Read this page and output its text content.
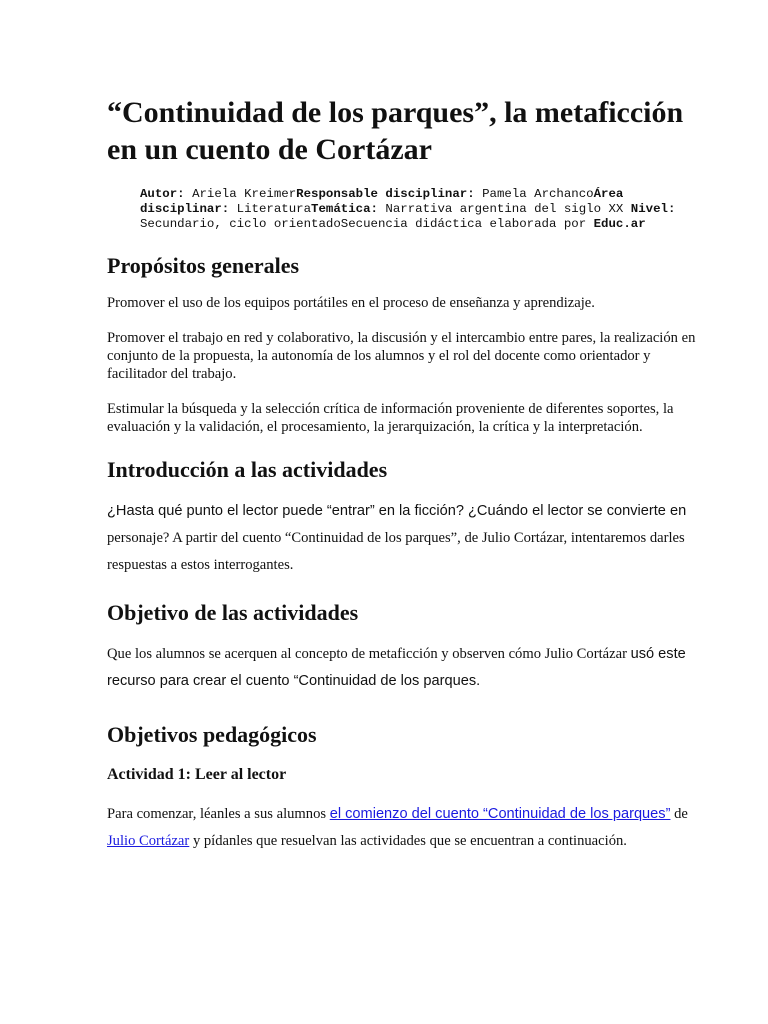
“Continuidad de los parques”, la metaficción en un cuento de Cortázar
Autor: Ariela KreimerResponsable disciplinar: Pamela ArchancoÁrea disciplinar: LiteraturaTemática: Narrativa argentina del siglo XX Nivel: Secundario, ciclo orientadoSecuencia didáctica elaborada por Educ.ar
Propósitos generales

Promover el uso de los equipos portátiles en el proceso de enseñanza y aprendizaje.

Promover el trabajo en red y colaborativo, la discusión y el intercambio entre pares, la realización en conjunto de la propuesta, la autonomía de los alumnos y el rol del docente como orientador y facilitador del trabajo.

Estimular la búsqueda y la selección crítica de información proveniente de diferentes soportes, la evaluación y la validación, el procesamiento, la jerarquización, la crítica y la interpretación.

Introducción a las actividades

¿Hasta qué punto el lector puede “entrar” en la ficción? ¿Cuándo el lector se convierte en personaje? A partir del cuento “Continuidad de los parques”, de Julio Cortázar, intentaremos darles respuestas a estos interrogantes.

Objetivo de las actividades

Que los alumnos se acerquen al concepto de metaficción y observen cómo Julio Cortázar usó este recurso para crear el cuento “Continuidad de los parques.

Objetivos pedagógicos
Actividad 1: Leer al lector

Para comenzar, léanles a sus alumnos el comienzo del cuento “Continuidad de los parques” de Julio Cortázar y pídanles que resuelvan las actividades que se encuentran a continuación.
